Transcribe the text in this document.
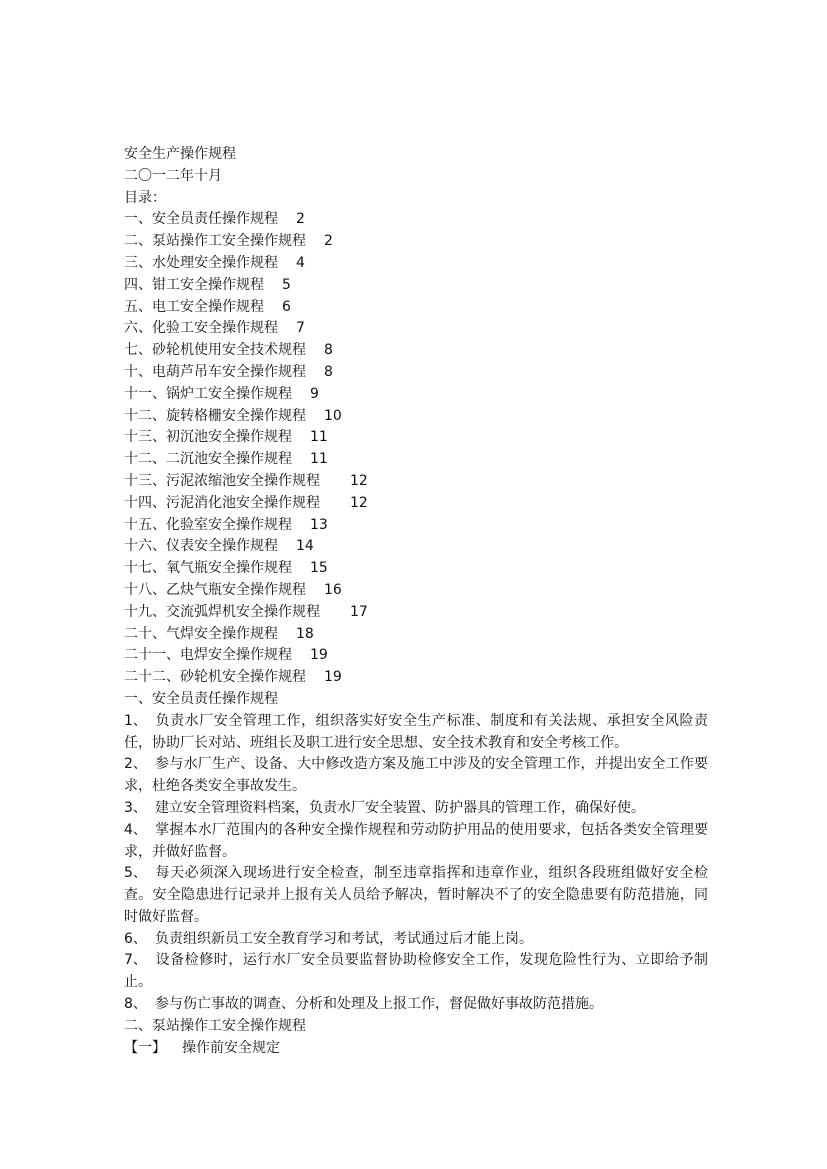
安全生产操作规程
二〇一二年十月
目录：
一、安全员责任操作规程 2
二、泵站操作工安全操作规程 2
三、水处理安全操作规程 4
四、钳工安全操作规程 5
五、电工安全操作规程 6
六、化验工安全操作规程 7
七、砂轮机使用安全技术规程 8
十、电葫芦吊车安全操作规程 8
十一、锅炉工安全操作规程 9
十二、旋转格栅安全操作规程 10
十三、初沉池安全操作规程 11
十二、二沉池安全操作规程 11
十三、污泥浓缩池安全操作规程 12
十四、污泥消化池安全操作规程 12
十五、化验室安全操作规程 13
十六、仪表安全操作规程 14
十七、氧气瓶安全操作规程 15
十八、乙炔气瓶安全操作规程 16
十九、交流弧焊机安全操作规程 17
二十、气焊安全操作规程 18
二十一、电焊安全操作规程 19
二十二、砂轮机安全操作规程 19
一、安全员责任操作规程
1、 负责水厂安全管理工作，组织落实好安全生产标准、制度和有关法规、承担安全风险责任，协助厂长对站、班组长及职工进行安全思想、安全技术教育和安全考核工作。
2、 参与水厂生产、设备、大中修改造方案及施工中涉及的安全管理工作，并提出安全工作要求，杜绝各类安全事故发生。
3、 建立安全管理资料档案，负责水厂安全装置、防护器具的管理工作，确保好使。
4、 掌握本水厂范围内的各种安全操作规程和劳动防护用品的使用要求，包括各类安全管理要求，并做好监督。
5、 每天必须深入现场进行安全检查，制至违章指挥和违章作业，组织各段班组做好安全检查。安全隐患进行记录并上报有关人员给予解决，暂时解决不了的安全隐患要有防范措施，同时做好监督。
6、 负责组织新员工安全教育学习和考试，考试通过后才能上岗。
7、 设备检修时，运行水厂安全员要监督协助检修安全工作，发现危险性行为、立即给予制止。
8、 参与伤亡事故的调查、分析和处理及上报工作，督促做好事故防范措施。
二、泵站操作工安全操作规程
【一】 操作前安全规定
